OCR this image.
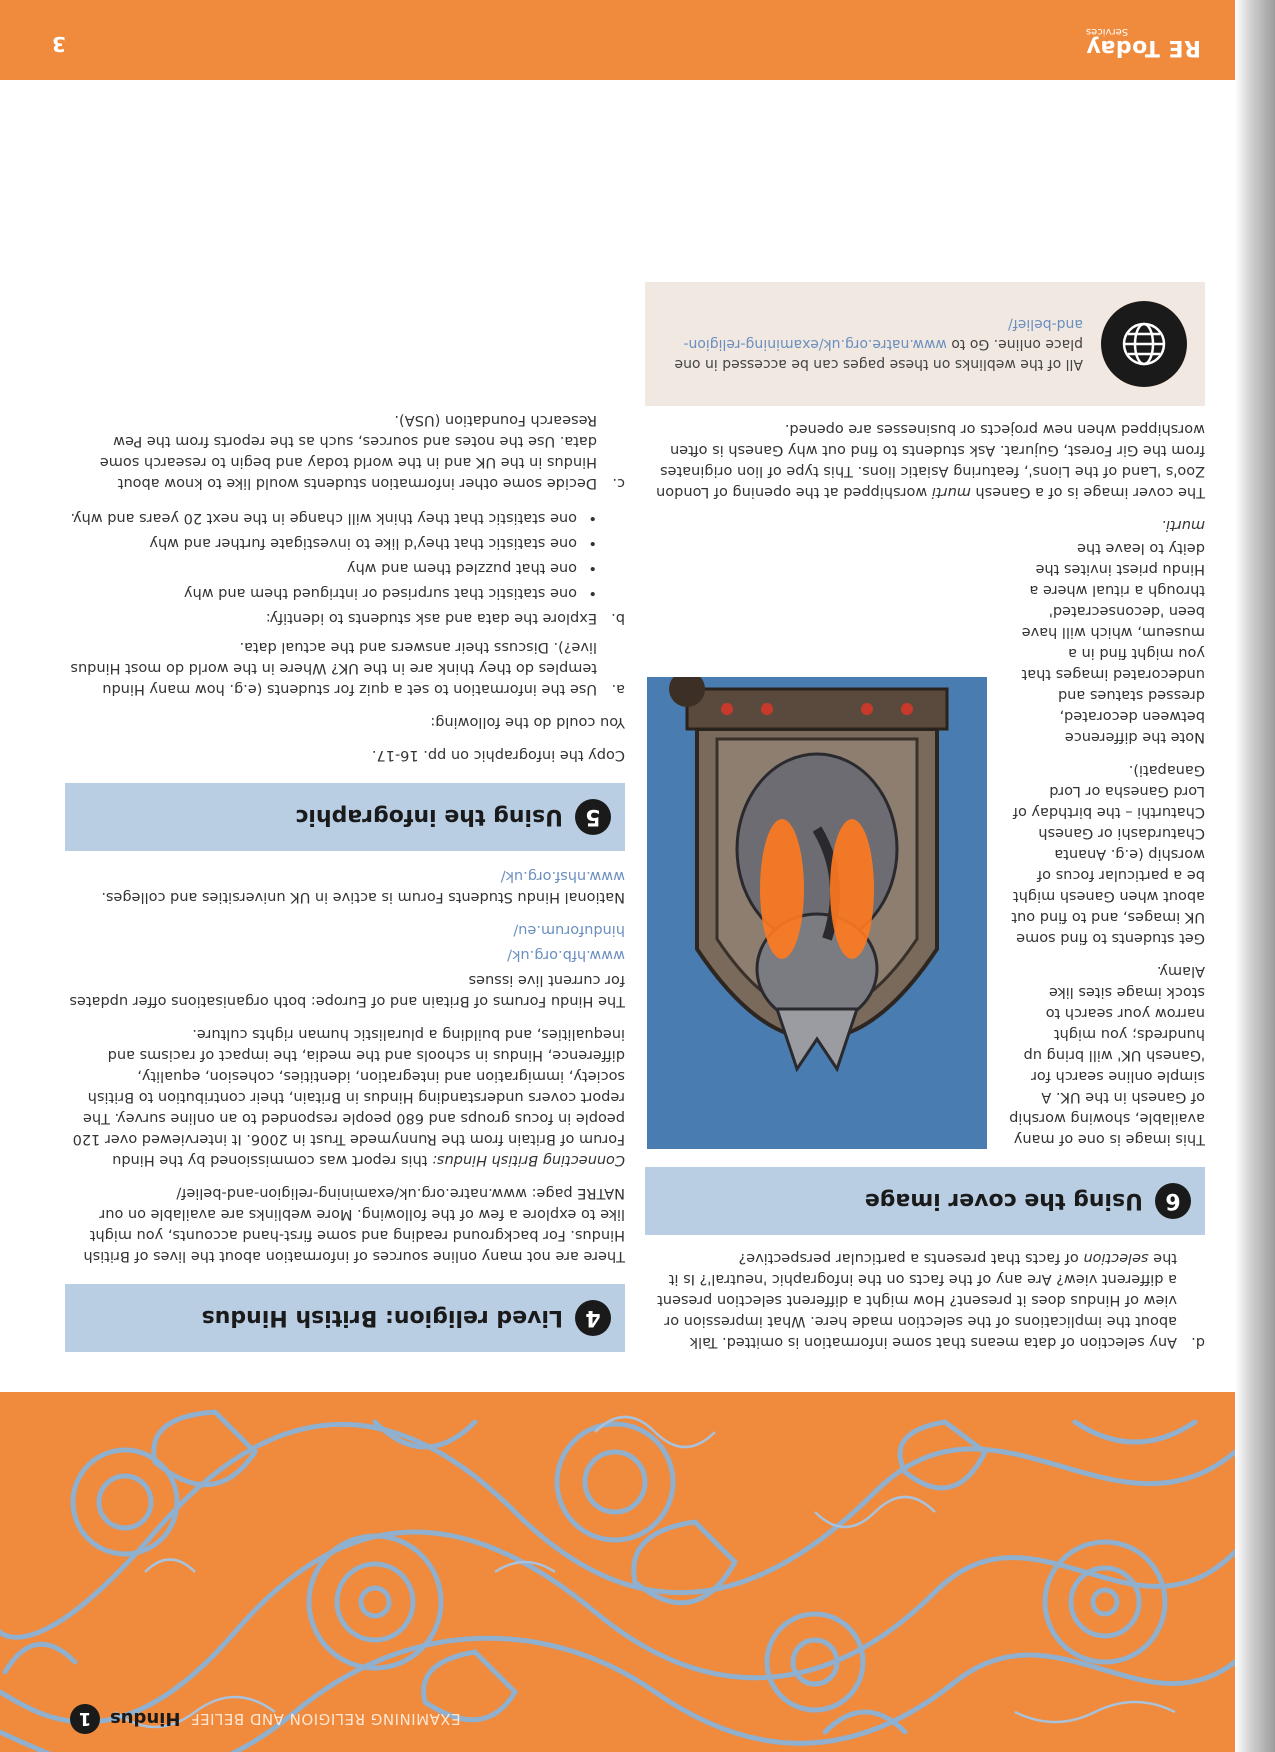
EXAMINING RELIGION AND BELIEF
Hindus
1
d.
Any selection of data means that some information is omitted. Talk about the implications of the selection made here. What impression or view of Hindus does it present? How might a different selection present a different view? Are any of the facts on the infographic 'neutral'? Is it the selection of facts that presents a particular perspective?
6
Using the cover image

This image is one of many available, showing worship of Ganesh in the UK. A simple online search for 'Ganesh UK' will bring up hundreds; you might narrow your search to stock image sites like Alamy.

Get students to find some UK images, and to find out about when Ganesh might be a particular focus of worship (e.g. Ananta Chaturdashi or Ganesh Chaturthi – the birthday of Lord Ganesha or Lord Ganapati).

Note the difference between decorated, dressed statues and undecorated images that you might find in a museum, which will have been 'deconsecrated' through a ritual where a Hindu priest invites the deity to leave the

murti.

The cover image is of a Ganesh murti worshipped at the opening of London Zoo's 'Land of the Lions', featuring Asiatic lions. This type of lion originates from the Gir Forest, Gujurat. Ask students to find out why Ganesh is often worshipped when new projects or businesses are opened.

All of the weblinks on these pages can be accessed in one place online. Go to www.natre.org.uk/examining-religion-and-belief/
4
Lived religion: British Hindus

There are not many online sources of information about the lives of British Hindus. For background reading and some first-hand accounts, you might like to explore a few of the following. More weblinks are available on our NATRE page: www.natre.org.uk/examining-religion-and-belief/

Connecting British Hindus: this report was commissioned by the Hindu Forum of Britain from the Runnymede Trust in 2006. It interviewed over 120 people in focus groups and 680 people responded to an online survey. The report covers understanding Hindus in Britain, their contribution to British society, immigration and integration, identities, cohesion, equality, difference, Hindus in schools and the media, the impact of racisms and inequalities, and building a pluralistic human rights culture.

The Hindu Forums of Britain and of Europe: both organisations offer updates for current live issues

www.hfb.org.uk/

hinduforum.eu/

National Hindu Students Forum is active in UK universities and colleges. www.nhsf.org.uk/

5
Using the infographic

Copy the infographic on pp. 16-17.

You could do the following:

a.
Use the information to set a quiz for students (e.g. how many Hindu temples do they think are in the UK? Where in the world do most Hindus live?). Discuss their answers and the actual data.
b.
Explore the data and ask students to identify:
•
one statistic that surprised or intrigued them and why
•
one that puzzled them and why
•
one statistic that they'd like to investigate further and why
•
one statistic that they think will change in the next 20 years and why.
c.
Decide some other information students would like to know about Hindus in the UK and in the world today and begin to research some data. Use the notes and sources, such as the reports from the Pew Research Foundation (USA).
RE Today
Services
3
